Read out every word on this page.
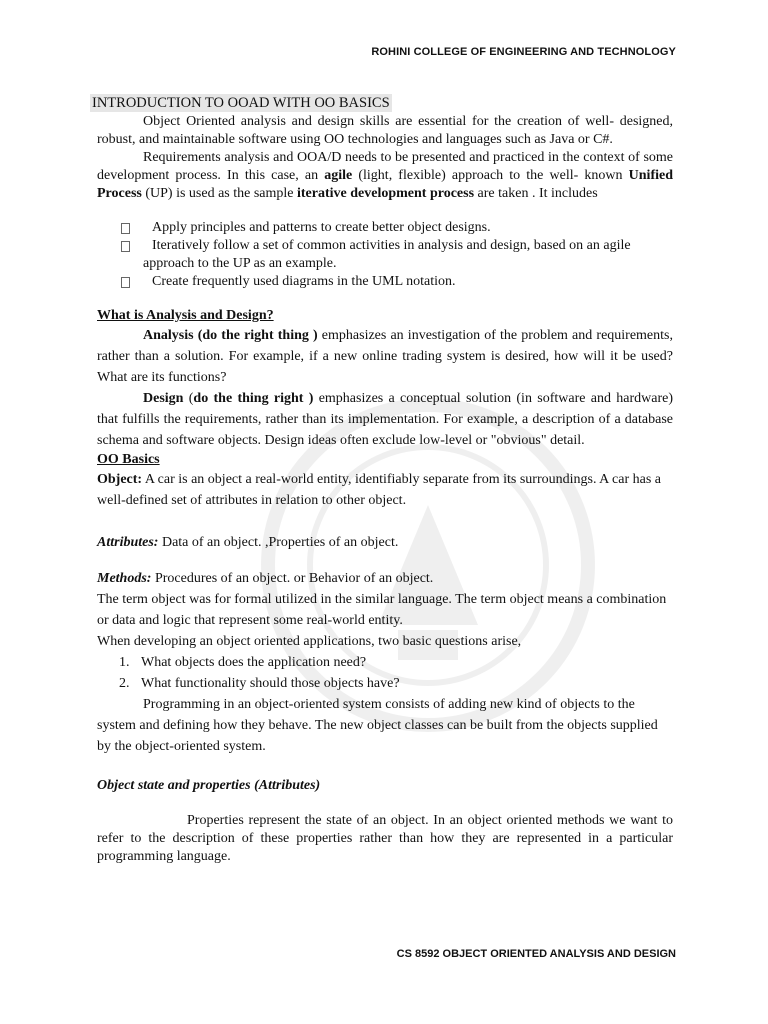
ROHINI COLLEGE OF ENGINEERING AND TECHNOLOGY
INTRODUCTION TO OOAD WITH OO BASICS

Object Oriented analysis and design skills are essential for the creation of well- designed, robust, and maintainable software using OO technologies and languages such as Java or C#.

Requirements analysis and OOA/D needs to be presented and practiced in the context of some development process. In this case, an agile (light, flexible) approach to the well- known Unified Process (UP) is used as the sample iterative development process are taken . It includes

Apply principles and patterns to create better object designs.
Iteratively follow a set of common activities in analysis and design, based on an agile
approach to the UP as an example.
Create frequently used diagrams in the UML notation.

What is Analysis and Design?

Analysis (do the right thing ) emphasizes an investigation of the problem and requirements, rather than a solution. For example, if a new online trading system is desired, how will it be used? What are its functions?

Design (do the thing right ) emphasizes a conceptual solution (in software and hardware) that fulfills the requirements, rather than its implementation. For example, a description of a database schema and software objects. Design ideas often exclude low-level or "obvious" detail.

OO Basics

Object: A car is an object a real-world entity, identifiably separate from its surroundings. A car has a well-defined set of attributes in relation to other object.

Attributes: Data of an object. ,Properties of an object.

Methods: Procedures of an object. or Behavior of an object.

The term object was for formal utilized in the similar language. The term object means a combination or data and logic that represent some real-world entity.

When developing an object oriented applications, two basic questions arise,

1. What objects does the application need?
2. What functionality should those objects have?

Programming in an object-oriented system consists of adding new kind of objects to the system and defining how they behave. The new object classes can be built from the objects supplied by the object-oriented system.

Object state and properties (Attributes)

Properties represent the state of an object. In an object oriented methods we want to refer to the description of these properties rather than how they are represented in a particular programming language.

CS 8592 OBJECT ORIENTED ANALYSIS AND DESIGN
